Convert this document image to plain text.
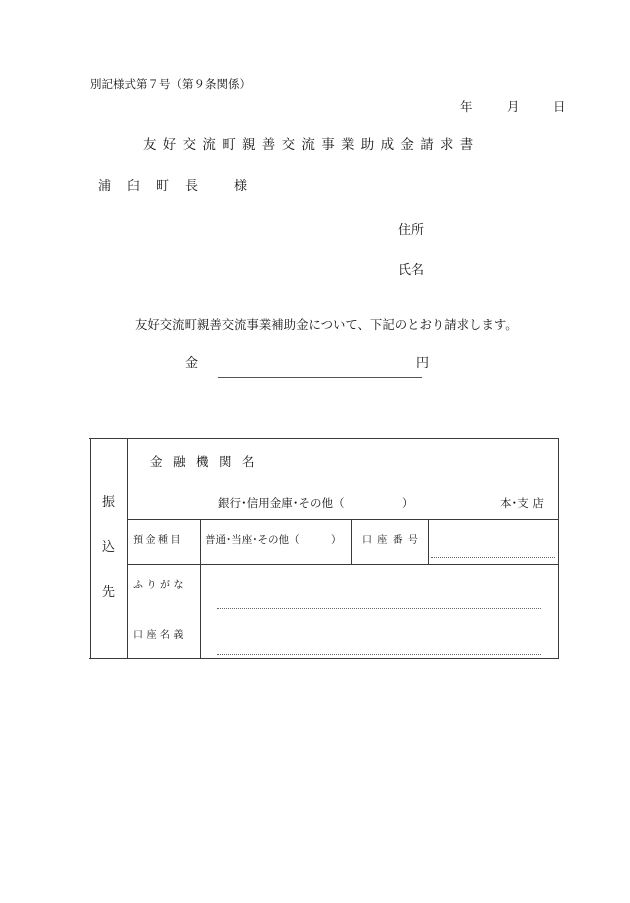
別記様式第７号（第９条関係）
年	月	日
友好交流町親善交流事業助成金請求書
浦臼町長 様
住所
氏名
友好交流町親善交流事業補助金について、下記のとおり請求します。
金	円
振
込
先
金融機関名
銀行･信用金庫･その他（　　　　　）	本･支 店
預金種目 普通･当座･その他（　　　） 口座番号
ふりがな
口座名義
